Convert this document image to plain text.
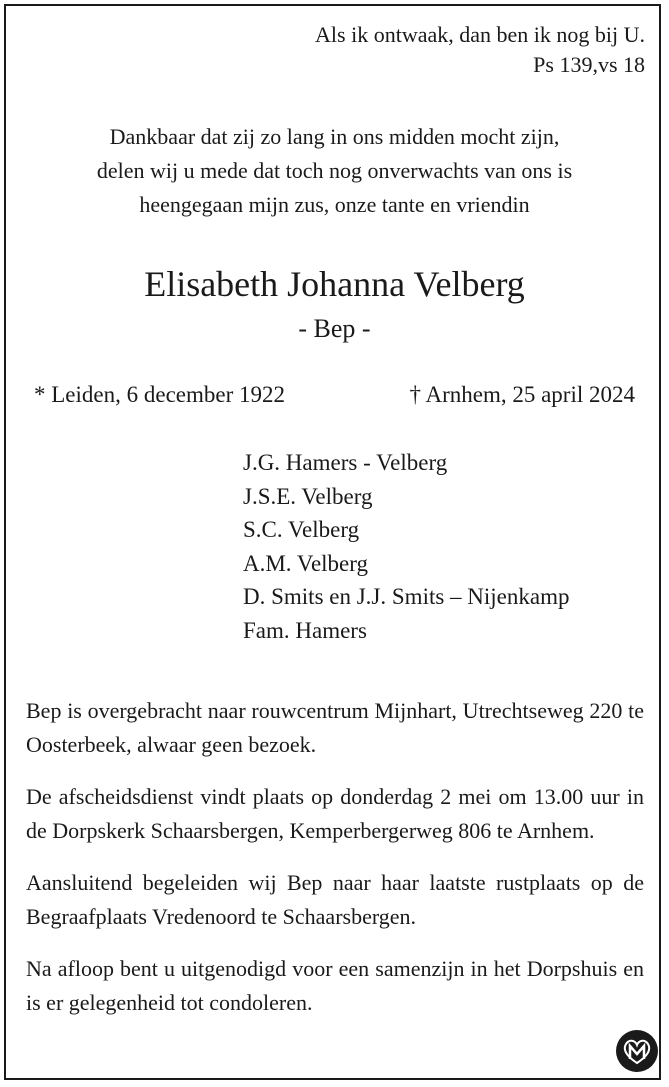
Als ik ontwaak, dan ben ik nog bij U.
Ps 139,vs 18
Dankbaar dat zij zo lang in ons midden mocht zijn,
delen wij u mede dat toch nog onverwachts van ons is
heengegaan mijn zus, onze tante en vriendin
Elisabeth Johanna Velberg
- Bep -
* Leiden, 6 december 1922	† Arnhem, 25 april 2024
J.G. Hamers - Velberg
J.S.E. Velberg
S.C. Velberg
A.M. Velberg
D. Smits en J.J. Smits – Nijenkamp
Fam. Hamers

Bep is overgebracht naar rouwcentrum Mijnhart, Utrechtseweg 220 te Oosterbeek, alwaar geen bezoek.

De afscheidsdienst vindt plaats op donderdag 2 mei om 13.00 uur in de Dorpskerk Schaarsbergen, Kemperbergerweg 806 te Arnhem.

Aansluitend begeleiden wij Bep naar haar laatste rustplaats op de Begraafplaats Vredenoord te Schaarsbergen.

Na afloop bent u uitgenodigd voor een samenzijn in het Dorpshuis en is er gelegenheid tot condoleren.
